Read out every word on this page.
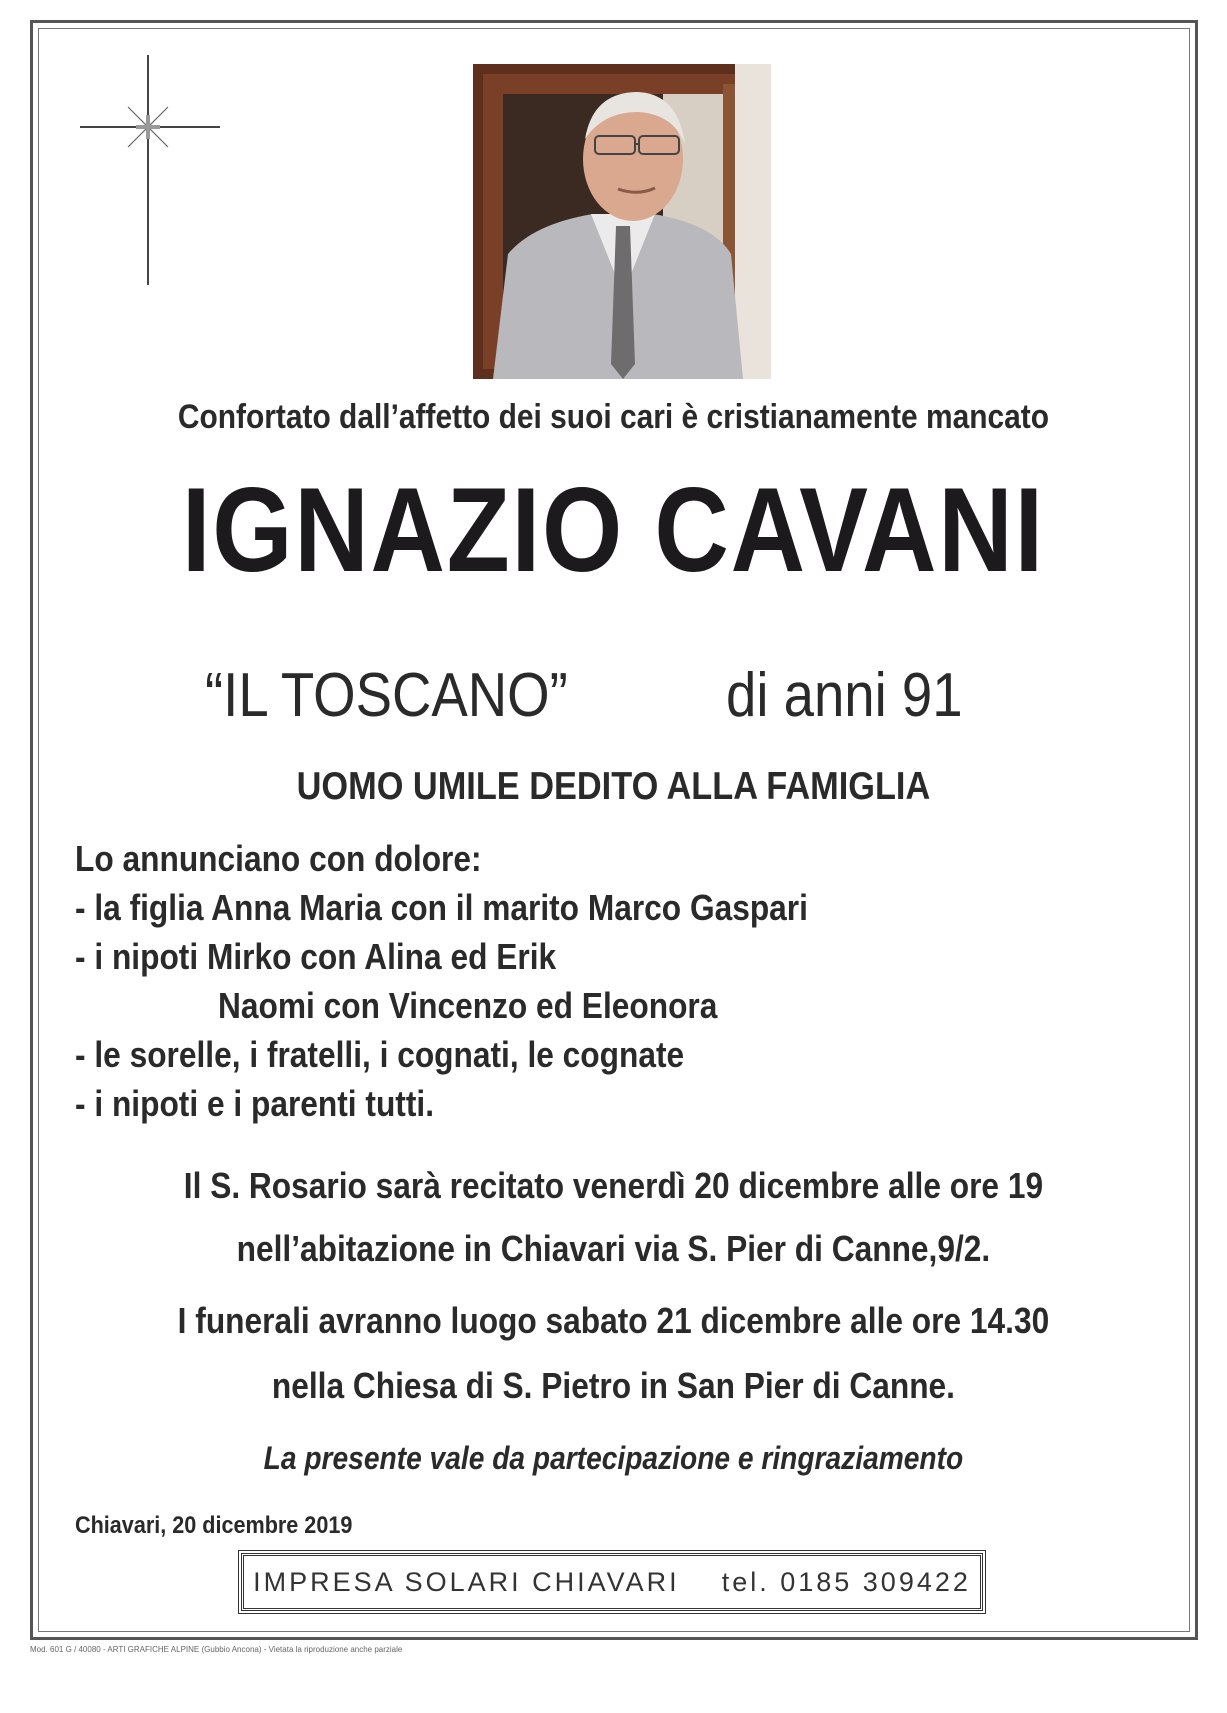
Confortato dall’affetto dei suoi cari è cristianamente mancato
IGNAZIO CAVANI
“IL TOSCANO”	di anni 91
UOMO UMILE DEDITO ALLA FAMIGLIA
Lo annunciano con dolore:
- la figlia Anna Maria con il marito Marco Gaspari
- i nipoti Mirko con Alina ed Erik
Naomi con Vincenzo ed Eleonora
- le sorelle, i fratelli, i cognati, le cognate
- i nipoti e i parenti tutti.
Il S. Rosario sarà recitato venerdì 20 dicembre alle ore 19
nell’abitazione in Chiavari via S. Pier di Canne,9/2.
I funerali avranno luogo sabato 21 dicembre alle ore 14.30
nella Chiesa di S. Pietro in San Pier di Canne.
La presente vale da partecipazione e ringraziamento
Chiavari, 20 dicembre 2019
IMPRESA SOLARI CHIAVARI tel. 0185 309422
Mod. 601 G / 40080 - ARTI GRAFICHE ALPINE (Gubbio Ancona) - Vietata la riproduzione anche parziale
